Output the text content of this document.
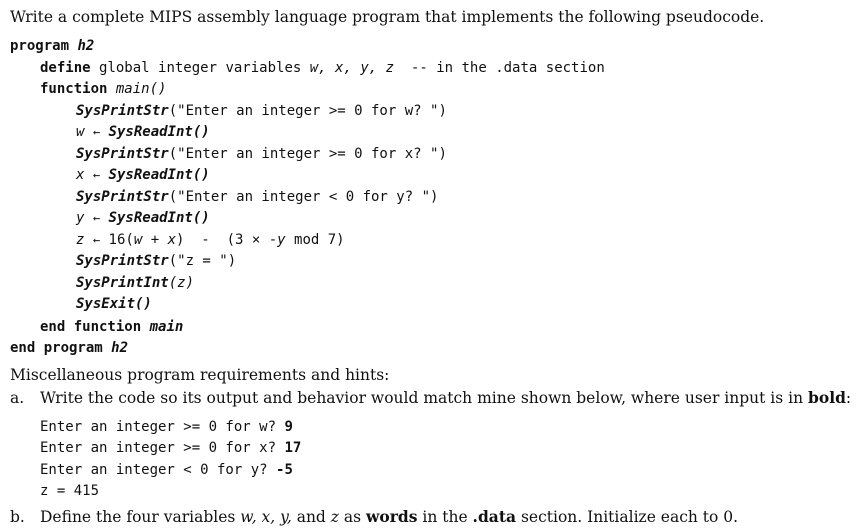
Write a complete MIPS assembly language program that implements the following pseudocode.
program h2
define global integer variables w, x, y, z -- in the .data section
function main()
SysPrintStr("Enter an integer >= 0 for w? ")
w ← SysReadInt()
SysPrintStr("Enter an integer >= 0 for x? ")
x ← SysReadInt()
SysPrintStr("Enter an integer < 0 for y? ")
y ← SysReadInt()
z ← 16(w + x)  -  (3 × -y mod 7)
SysPrintStr("z = ")
SysPrintInt(z)
SysExit()
end function main
end program h2
Miscellaneous program requirements and hints:
a. Write the code so its output and behavior would match mine shown below, where user input is in bold:
Enter an integer >= 0 for w? 9
Enter an integer >= 0 for x? 17
Enter an integer < 0 for y? -5
z = 415
b. Define the four variables w, x, y, and z as words in the .data section. Initialize each to 0.
